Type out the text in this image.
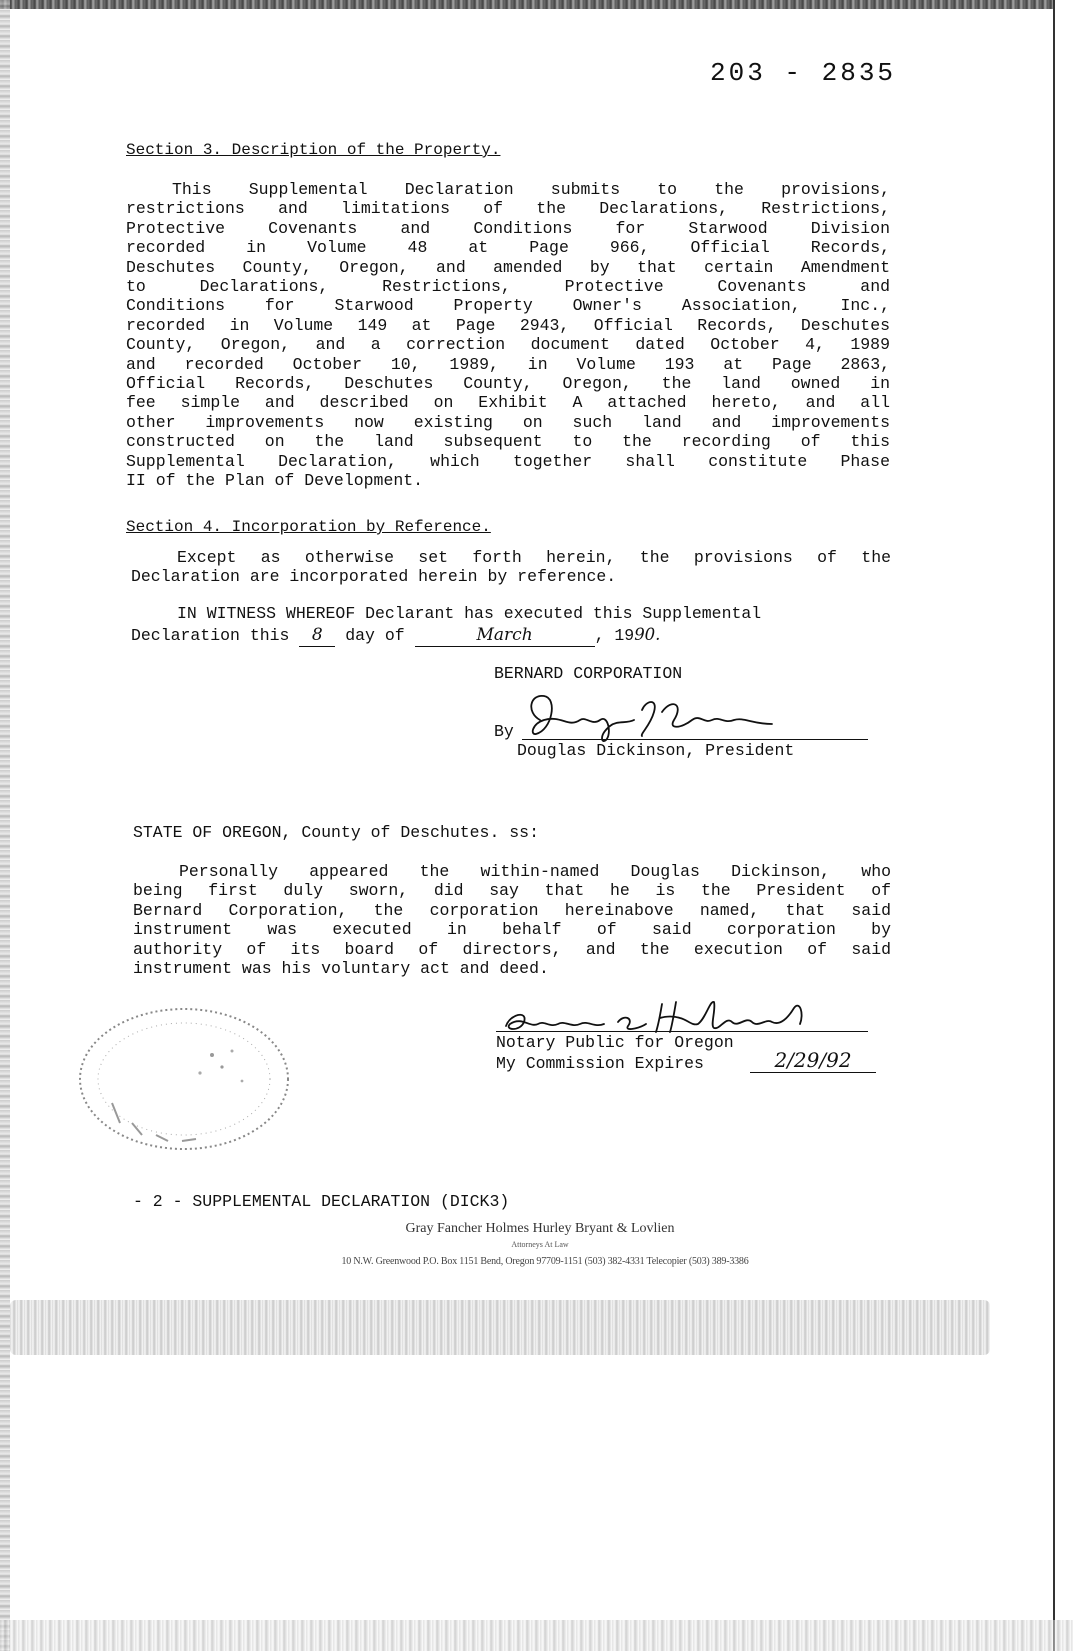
203 - 2835
Section 3. Description of the Property.
This Supplemental Declaration submits to the provisions,
restrictions and limitations of the Declarations, Restrictions,
Protective Covenants and Conditions for Starwood Division
recorded in Volume 48 at Page 966, Official Records,
Deschutes County, Oregon, and amended by that certain Amendment
to Declarations, Restrictions, Protective Covenants and
Conditions for Starwood Property Owner's Association, Inc.,
recorded in Volume 149 at Page 2943, Official Records, Deschutes
County, Oregon, and a correction document dated October 4, 1989
and recorded October 10, 1989, in Volume 193 at Page 2863,
Official Records, Deschutes County, Oregon, the land owned in
fee simple and described on Exhibit A attached hereto, and all
other improvements now existing on such land and improvements
constructed on the land subsequent to the recording of this
Supplemental Declaration, which together shall constitute Phase
II of the Plan of Development.
Section 4. Incorporation by Reference.
Except as otherwise set forth herein, the provisions of the
Declaration are incorporated herein by reference.
IN WITNESS WHEREOF Declarant has executed this Supplemental
Declaration this 8 day of	March	, 1990.
BERNARD CORPORATION
By
Douglas Dickinson, President
STATE OF OREGON, County of Deschutes. ss:
Personally appeared the within-named Douglas Dickinson, who
being first duly sworn, did say that he is the President of
Bernard Corporation, the corporation hereinabove named, that said
instrument was executed in behalf of said corporation by
authority of its board of directors, and the execution of said
instrument was his voluntary act and deed.
Notary Public for Oregon
My Commission Expires	2/29/92
- 2 - SUPPLEMENTAL DECLARATION (DICK3)
Gray Fancher Holmes Hurley Bryant & Lovlien
Attorneys At Law
10 N.W. Greenwood P.O. Box 1151 Bend, Oregon 97709-1151 (503) 382-4331 Telecopier (503) 389-3386
